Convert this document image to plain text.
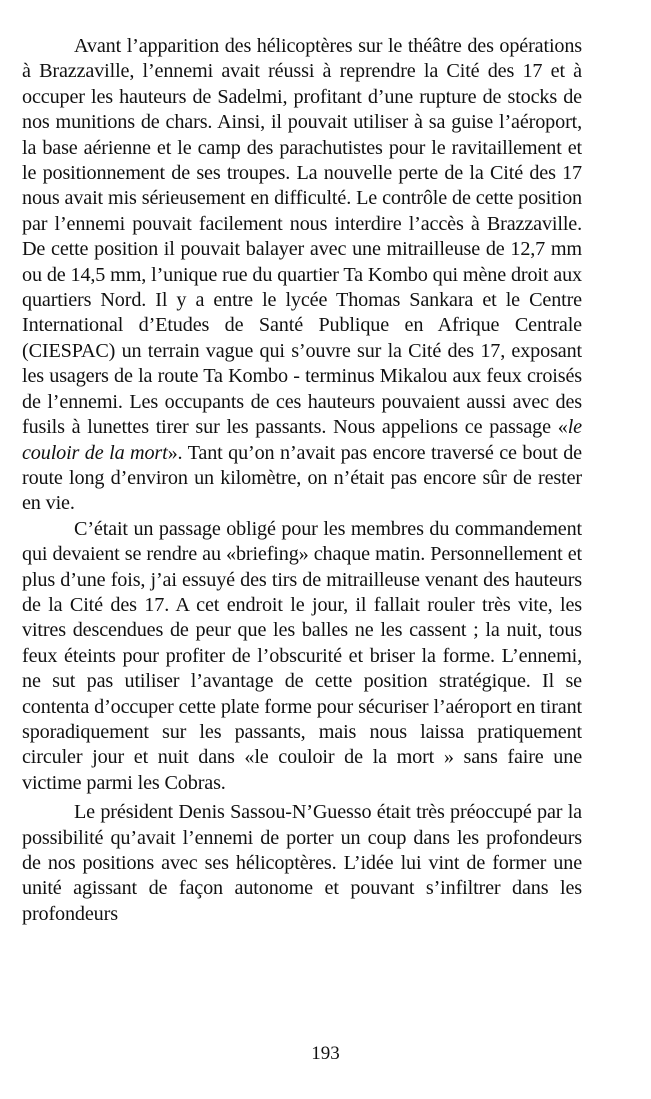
Avant l’apparition des hélicoptères sur le théâtre des opérations à Brazzaville, l’ennemi avait réussi à reprendre la Cité des 17 et à occuper les hauteurs de Sadelmi, profitant d’une rupture de stocks de nos munitions de chars. Ainsi, il pouvait utiliser à sa guise l’aéroport, la base aérienne et le camp des parachutistes pour le ravitaillement et le positionnement de ses troupes. La nouvelle perte de la Cité des 17 nous avait mis sérieusement en difficulté. Le contrôle de cette position par l’ennemi pouvait facilement nous interdire l’accès à Brazzaville. De cette position il pouvait balayer avec une mitrailleuse de 12,7 mm ou de 14,5 mm, l’unique rue du quartier Ta Kombo qui mène droit aux quartiers Nord. Il y a entre le lycée Thomas Sankara et le Centre International d’Etudes de Santé Publique en Afrique Centrale (CIESPAC) un terrain vague qui s’ouvre sur la Cité des 17, exposant les usagers de la route Ta Kombo - terminus Mikalou aux feux croisés de l’ennemi. Les occupants de ces hauteurs pouvaient aussi avec des fusils à lunettes tirer sur les passants. Nous appelions ce passage «le couloir de la mort». Tant qu’on n’avait pas encore traversé ce bout de route long d’environ un kilomètre, on n’était pas encore sûr de rester en vie.

C’était un passage obligé pour les membres du commandement qui devaient se rendre au «briefing» chaque matin. Personnellement et plus d’une fois, j’ai essuyé des tirs de mitrailleuse venant des hauteurs de la Cité des 17. A cet endroit le jour, il fallait rouler très vite, les vitres descendues de peur que les balles ne les cassent ; la nuit, tous feux éteints pour profiter de l’obscurité et briser la forme. L’ennemi, ne sut pas utiliser l’avantage de cette position stratégique. Il se contenta d’occuper cette plate forme pour sécuriser l’aéroport en tirant sporadiquement sur les passants, mais nous laissa pratiquement circuler jour et nuit dans «le couloir de la mort » sans faire une victime parmi les Cobras.

Le président Denis Sassou-N’Guesso était très préoccupé par la possibilité qu’avait l’ennemi de porter un coup dans les profondeurs de nos positions avec ses hélicoptères. L’idée lui vint de former une unité agissant de façon autonome et pouvant s’infiltrer dans les profondeurs

193
